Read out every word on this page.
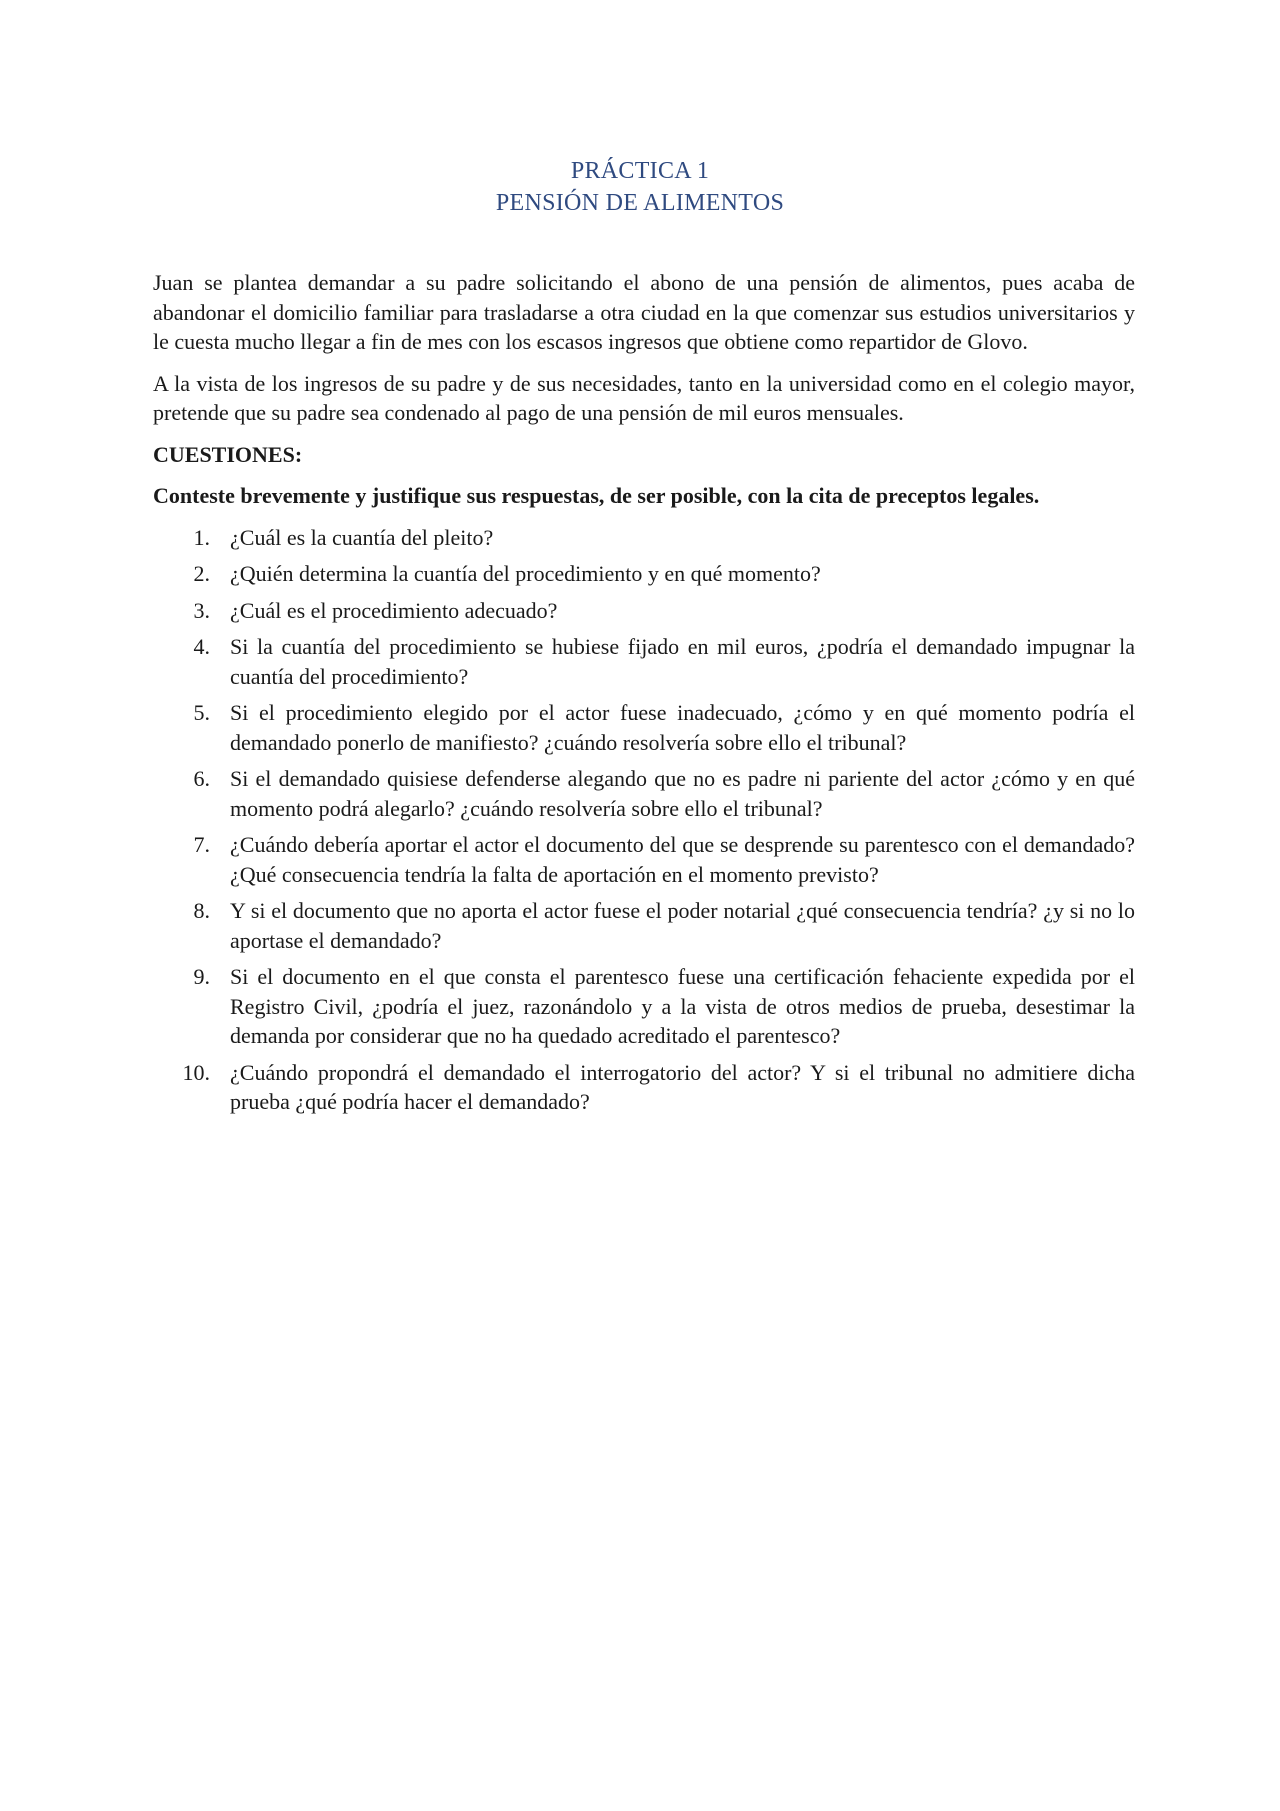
PRÁCTICA 1
PENSIÓN DE ALIMENTOS

Juan se plantea demandar a su padre solicitando el abono de una pensión de alimentos, pues acaba de abandonar el domicilio familiar para trasladarse a otra ciudad en la que comenzar sus estudios universitarios y le cuesta mucho llegar a fin de mes con los escasos ingresos que obtiene como repartidor de Glovo.

A la vista de los ingresos de su padre y de sus necesidades, tanto en la universidad como en el colegio mayor, pretende que su padre sea condenado al pago de una pensión de mil euros mensuales.

CUESTIONES:

Conteste brevemente y justifique sus respuestas, de ser posible, con la cita de preceptos legales.

1. ¿Cuál es la cuantía del pleito?
2. ¿Quién determina la cuantía del procedimiento y en qué momento?
3. ¿Cuál es el procedimiento adecuado?
4. Si la cuantía del procedimiento se hubiese fijado en mil euros, ¿podría el demandado impugnar la cuantía del procedimiento?
5. Si el procedimiento elegido por el actor fuese inadecuado, ¿cómo y en qué momento podría el demandado ponerlo de manifiesto? ¿cuándo resolvería sobre ello el tribunal?
6. Si el demandado quisiese defenderse alegando que no es padre ni pariente del actor ¿cómo y en qué momento podrá alegarlo? ¿cuándo resolvería sobre ello el tribunal?
7. ¿Cuándo debería aportar el actor el documento del que se desprende su parentesco con el demandado? ¿Qué consecuencia tendría la falta de aportación en el momento previsto?
8. Y si el documento que no aporta el actor fuese el poder notarial ¿qué consecuencia tendría? ¿y si no lo aportase el demandado?
9. Si el documento en el que consta el parentesco fuese una certificación fehaciente expedida por el Registro Civil, ¿podría el juez, razonándolo y a la vista de otros medios de prueba, desestimar la demanda por considerar que no ha quedado acreditado el parentesco?
10. ¿Cuándo propondrá el demandado el interrogatorio del actor? Y si el tribunal no admitiere dicha prueba ¿qué podría hacer el demandado?
